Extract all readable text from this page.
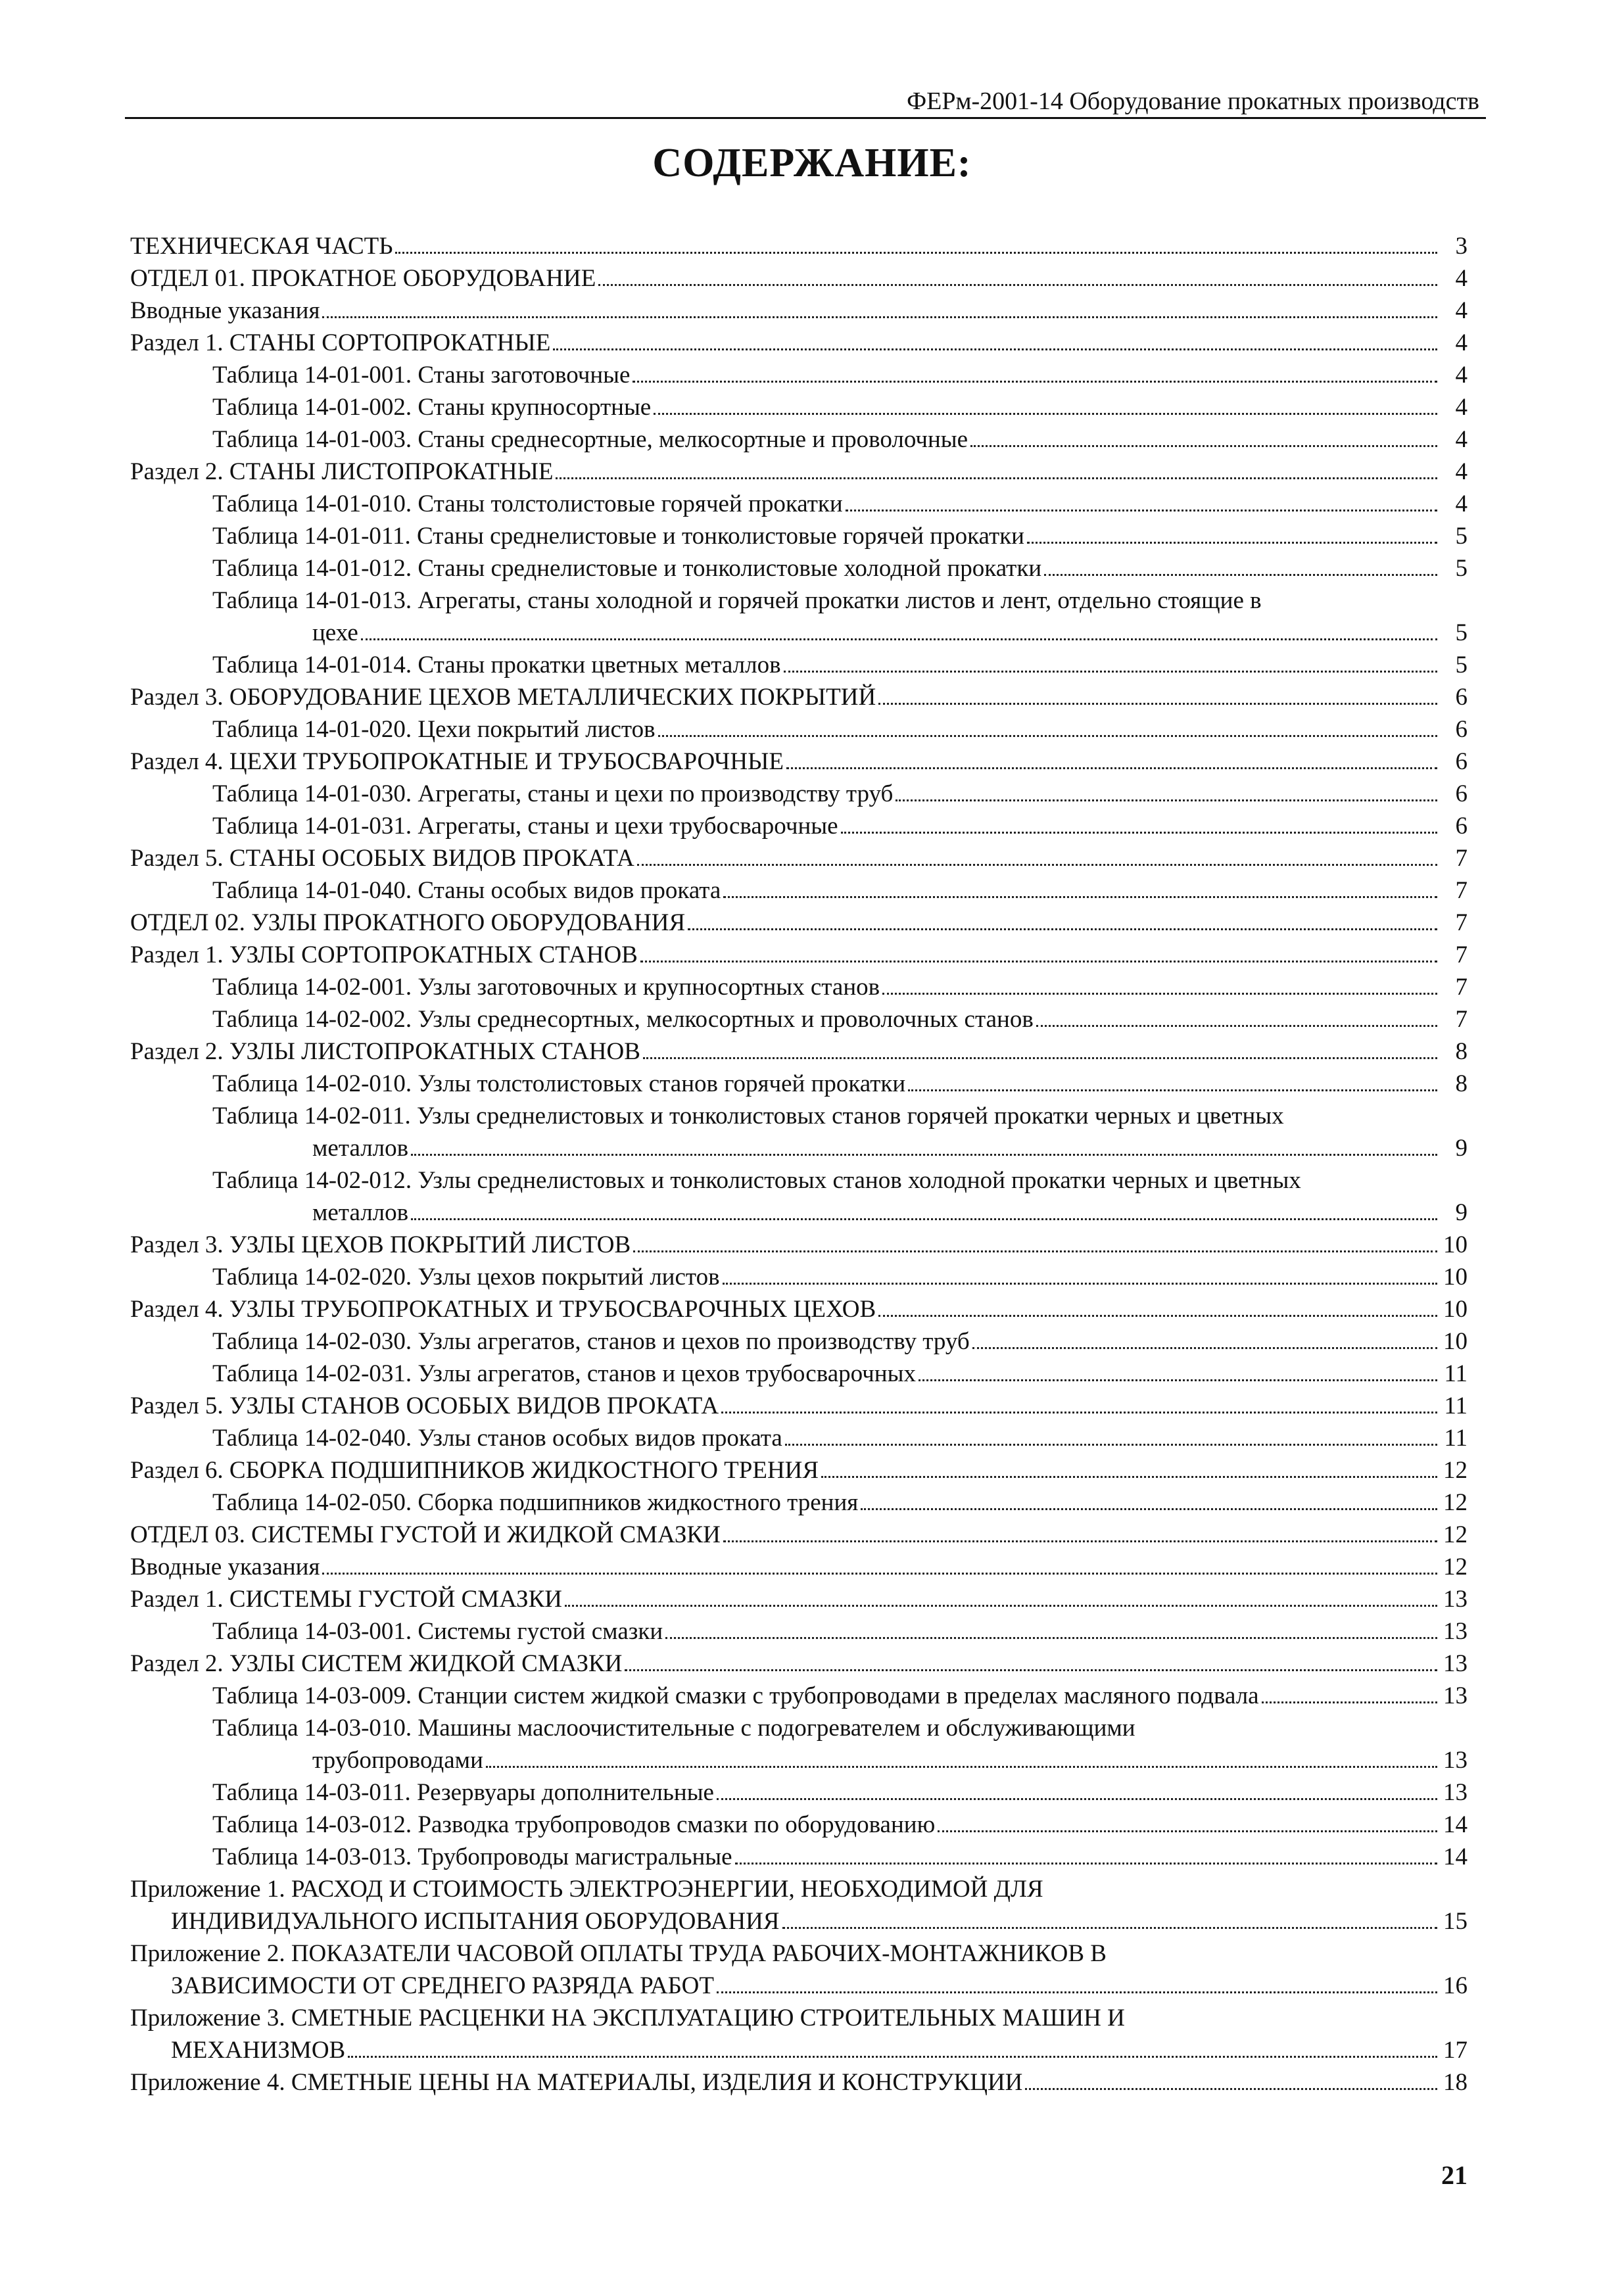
ФЕРм-2001-14 Оборудование прокатных производств
СОДЕРЖАНИЕ:
ТЕХНИЧЕСКАЯ ЧАСТЬ	3
ОТДЕЛ 01. ПРОКАТНОЕ ОБОРУДОВАНИЕ	4
Вводные указания	4
Раздел 1. СТАНЫ СОРТОПРОКАТНЫЕ	4
Таблица 14-01-001. Станы заготовочные	4
Таблица 14-01-002. Станы крупносортные	4
Таблица 14-01-003. Станы среднесортные, мелкосортные и проволочные	4
Раздел 2. СТАНЫ ЛИСТОПРОКАТНЫЕ	4
Таблица 14-01-010. Станы толстолистовые горячей прокатки	4
Таблица 14-01-011. Станы среднелистовые и тонколистовые горячей прокатки	5
Таблица 14-01-012. Станы среднелистовые и тонколистовые холодной прокатки	5
Таблица 14-01-013. Агрегаты, станы холодной и горячей прокатки листов и лент, отдельно стоящие в
цехе	5
Таблица 14-01-014. Станы прокатки цветных металлов	5
Раздел 3. ОБОРУДОВАНИЕ ЦЕХОВ МЕТАЛЛИЧЕСКИХ ПОКРЫТИЙ	6
Таблица 14-01-020. Цехи покрытий листов	6
Раздел 4. ЦЕХИ ТРУБОПРОКАТНЫЕ И ТРУБОСВАРОЧНЫЕ	6
Таблица 14-01-030. Агрегаты, станы и цехи по производству труб	6
Таблица 14-01-031. Агрегаты, станы и цехи трубосварочные	6
Раздел 5. СТАНЫ ОСОБЫХ ВИДОВ ПРОКАТА	7
Таблица 14-01-040. Станы особых видов проката	7
ОТДЕЛ 02. УЗЛЫ ПРОКАТНОГО ОБОРУДОВАНИЯ	7
Раздел 1. УЗЛЫ СОРТОПРОКАТНЫХ СТАНОВ	7
Таблица 14-02-001. Узлы заготовочных и крупносортных станов	7
Таблица 14-02-002. Узлы среднесортных, мелкосортных и проволочных станов	7
Раздел 2. УЗЛЫ ЛИСТОПРОКАТНЫХ СТАНОВ	8
Таблица 14-02-010. Узлы толстолистовых станов горячей прокатки	8
Таблица 14-02-011. Узлы среднелистовых и тонколистовых станов горячей прокатки черных и цветных
металлов	9
Таблица 14-02-012. Узлы среднелистовых и тонколистовых станов холодной прокатки черных и цветных
металлов	9
Раздел 3. УЗЛЫ ЦЕХОВ ПОКРЫТИЙ ЛИСТОВ	10
Таблица 14-02-020. Узлы цехов покрытий листов	10
Раздел 4. УЗЛЫ ТРУБОПРОКАТНЫХ И ТРУБОСВАРОЧНЫХ ЦЕХОВ	10
Таблица 14-02-030. Узлы агрегатов, станов и цехов по производству труб	10
Таблица 14-02-031. Узлы агрегатов, станов и цехов трубосварочных	11
Раздел 5. УЗЛЫ СТАНОВ ОСОБЫХ ВИДОВ ПРОКАТА	11
Таблица 14-02-040. Узлы станов особых видов проката	11
Раздел 6. СБОРКА ПОДШИПНИКОВ ЖИДКОСТНОГО ТРЕНИЯ	12
Таблица 14-02-050. Сборка подшипников жидкостного трения	12
ОТДЕЛ 03. СИСТЕМЫ ГУСТОЙ И ЖИДКОЙ СМАЗКИ	12
Вводные указания	12
Раздел 1. СИСТЕМЫ ГУСТОЙ СМАЗКИ	13
Таблица 14-03-001. Системы густой смазки	13
Раздел 2. УЗЛЫ СИСТЕМ ЖИДКОЙ СМАЗКИ	13
Таблица 14-03-009. Станции систем жидкой смазки с трубопроводами в пределах масляного подвала	13
Таблица 14-03-010. Машины маслоочистительные с подогревателем и обслуживающими
трубопроводами	13
Таблица 14-03-011. Резервуары дополнительные	13
Таблица 14-03-012. Разводка трубопроводов смазки по оборудованию	14
Таблица 14-03-013. Трубопроводы магистральные	14
Приложение 1. РАСХОД И СТОИМОСТЬ ЭЛЕКТРОЭНЕРГИИ, НЕОБХОДИМОЙ ДЛЯ
ИНДИВИДУАЛЬНОГО ИСПЫТАНИЯ ОБОРУДОВАНИЯ	15
Приложение 2. ПОКАЗАТЕЛИ ЧАСОВОЙ ОПЛАТЫ ТРУДА РАБОЧИХ-МОНТАЖНИКОВ В
ЗАВИСИМОСТИ ОТ СРЕДНЕГО РАЗРЯДА РАБОТ	16
Приложение 3. СМЕТНЫЕ РАСЦЕНКИ НА ЭКСПЛУАТАЦИЮ СТРОИТЕЛЬНЫХ МАШИН И
МЕХАНИЗМОВ	17
Приложение 4. СМЕТНЫЕ ЦЕНЫ НА МАТЕРИАЛЫ, ИЗДЕЛИЯ И КОНСТРУКЦИИ	18
21
